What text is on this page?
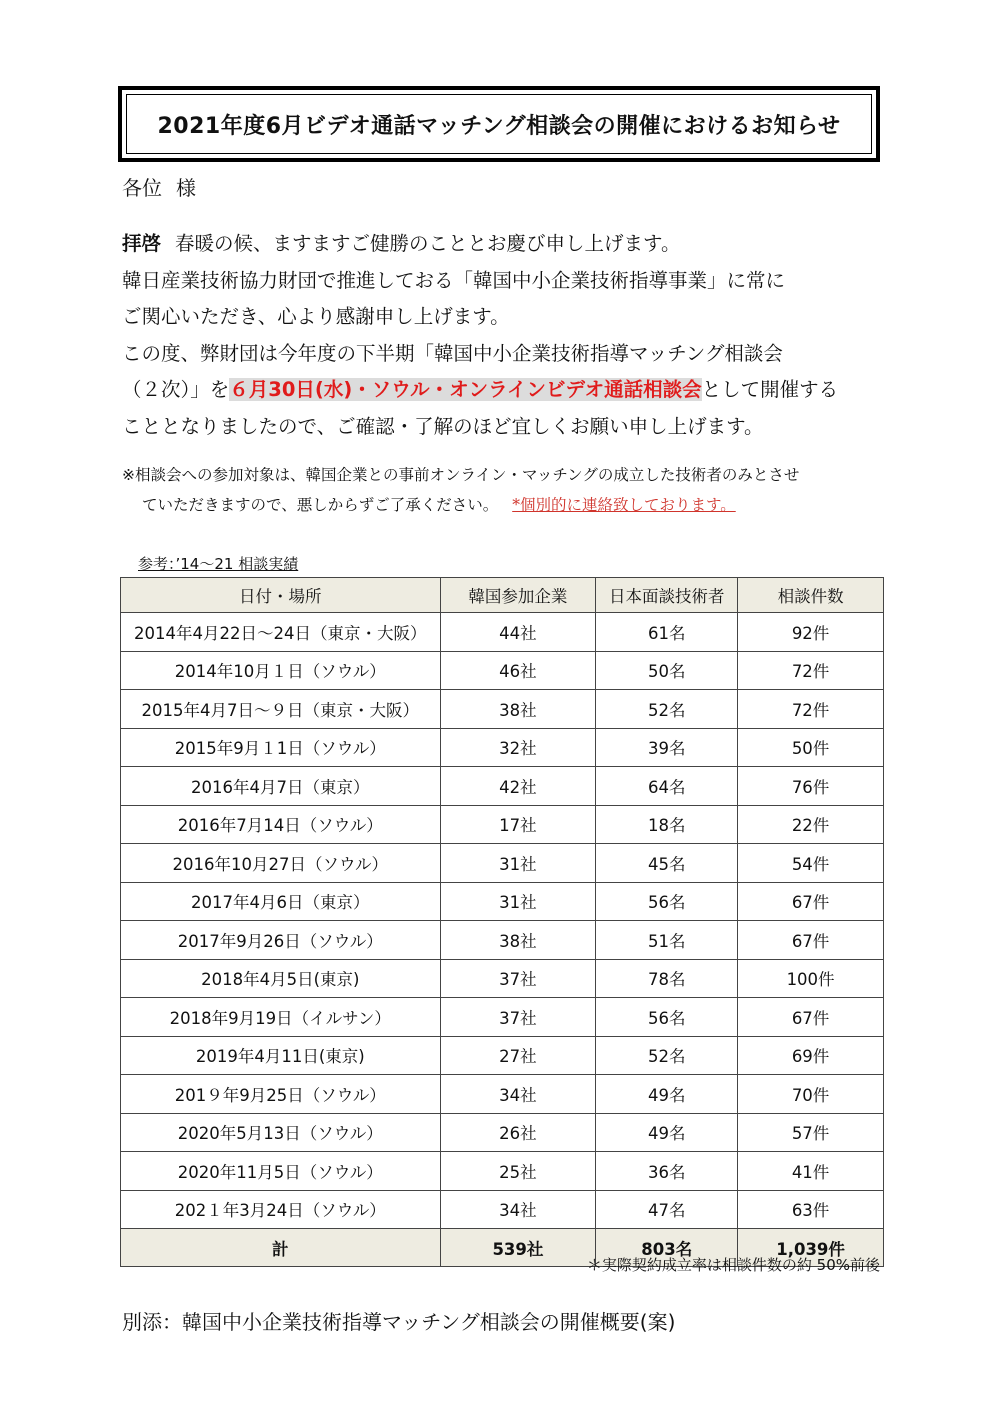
2021年度6月ビデオ通話マッチング相談会の開催におけるお知らせ
各位 様

拝啓 春暖の候、ますますご健勝のこととお慶び申し上げます。

韓日産業技術協力財団で推進しておる「韓国中小企業技術指導事業」に常に

ご関心いただき、心より感謝申し上げます。

この度、弊財団は今年度の下半期「韓国中小企業技術指導マッチング相談会

（２次）」を６月30日(水)・ソウル・オンラインビデオ通話相談会として開催する

こととなりましたので、ご確認・了解のほど宜しくお願い申し上げます。

※相談会への参加対象は、韓国企業との事前オンライン・マッチングの成立した技術者のみとさせ

ていただきますので、悪しからずご了承ください。 *個別的に連絡致しております。

参考：’14～21 相談実績
日付・場所	韓国参加企業	日本面談技術者	相談件数
2014年4月22日～24日（東京・大阪）	44社	61名	92件
2014年10月１日（ソウル）	46社	50名	72件
2015年4月7日～９日（東京・大阪）	38社	52名	72件
2015年9月１1日（ソウル）	32社	39名	50件
2016年4月7日（東京）	42社	64名	76件
2016年7月14日（ソウル）	17社	18名	22件
2016年10月27日（ソウル）	31社	45名	54件
2017年4月6日（東京）	31社	56名	67件
2017年9月26日（ソウル）	38社	51名	67件
2018年4月5日(東京)	37社	78名	100件
2018年9月19日（イルサン）	37社	56名	67件
2019年4月11日(東京)	27社	52名	69件
201９年9月25日（ソウル）	34社	49名	70件
2020年5月13日（ソウル）	26社	49名	57件
2020年11月5日（ソウル）	25社	36名	41件
202１年3月24日（ソウル）	34社	47名	63件
計	539社	803名	1,039件
＊実際契約成立率は相談件数の約 50%前後
別添：韓国中小企業技術指導マッチング相談会の開催概要(案)
